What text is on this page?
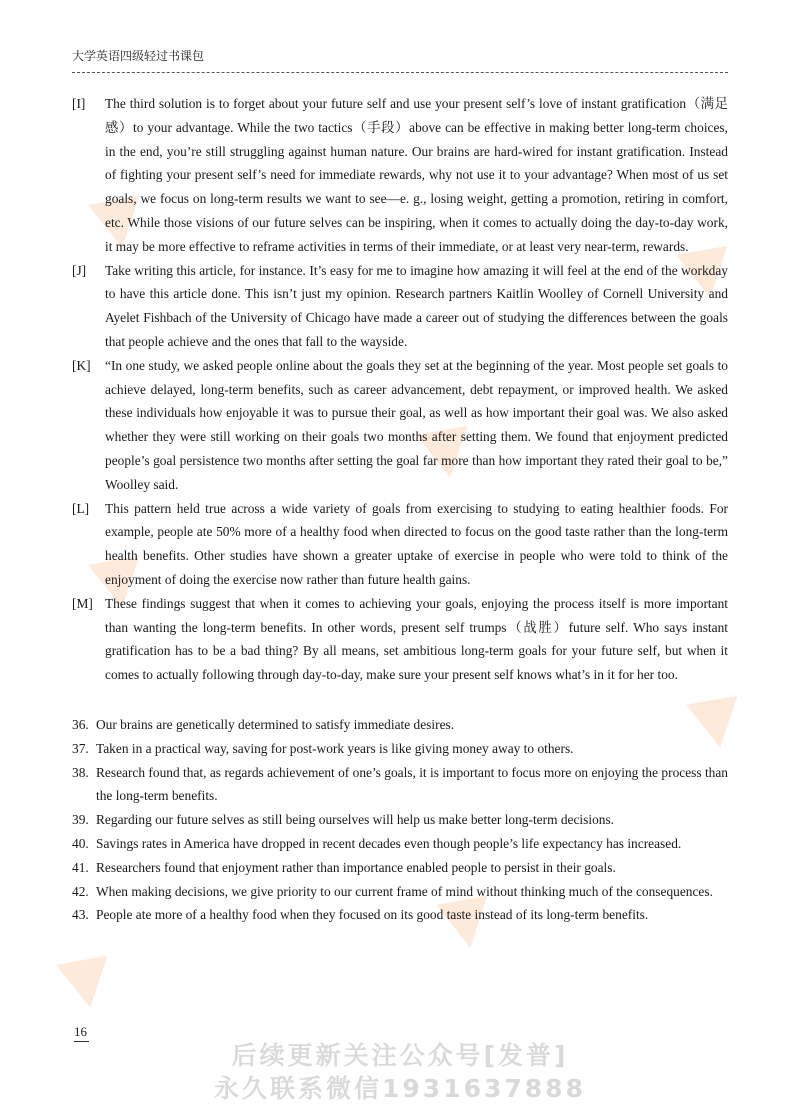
大学英语四级轻过书课包
[I] The third solution is to forget about your future self and use your present self’s love of instant gratification（满足感）to your advantage. While the two tactics（手段）above can be effective in making better long-term choices, in the end, you’re still struggling against human nature. Our brains are hard-wired for instant gratification. Instead of fighting your present self’s need for immediate rewards, why not use it to your advantage? When most of us set goals, we focus on long-term results we want to see—e. g., losing weight, getting a promotion, retiring in comfort, etc. While those visions of our future selves can be inspiring, when it comes to actually doing the day-to-day work, it may be more effective to reframe activities in terms of their immediate, or at least very near-term, rewards.

[J] Take writing this article, for instance. It’s easy for me to imagine how amazing it will feel at the end of the workday to have this article done. This isn’t just my opinion. Research partners Kaitlin Woolley of Cornell University and Ayelet Fishbach of the University of Chicago have made a career out of studying the differences between the goals that people achieve and the ones that fall to the wayside.

[K] “In one study, we asked people online about the goals they set at the beginning of the year. Most people set goals to achieve delayed, long-term benefits, such as career advancement, debt repayment, or improved health. We asked these individuals how enjoyable it was to pursue their goal, as well as how important their goal was. We also asked whether they were still working on their goals two months after setting them. We found that enjoyment predicted people’s goal persistence two months after setting the goal far more than how important they rated their goal to be,” Woolley said.

[L] This pattern held true across a wide variety of goals from exercising to studying to eating healthier foods. For example, people ate 50% more of a healthy food when directed to focus on the good taste rather than the long-term health benefits. Other studies have shown a greater uptake of exercise in people who were told to think of the enjoyment of doing the exercise now rather than future health gains.

[M] These findings suggest that when it comes to achieving your goals, enjoying the process itself is more important than wanting the long-term benefits. In other words, present self trumps（战胜）future self. Who says instant gratification has to be a bad thing? By all means, set ambitious long-term goals for your future self, but when it comes to actually following through day-to-day, make sure your present self knows what’s in it for her too.

36. Our brains are genetically determined to satisfy immediate desires.

37. Taken in a practical way, saving for post-work years is like giving money away to others.

38. Research found that, as regards achievement of one’s goals, it is important to focus more on enjoying the process than the long-term benefits.

39. Regarding our future selves as still being ourselves will help us make better long-term decisions.

40. Savings rates in America have dropped in recent decades even though people’s life expectancy has increased.

41. Researchers found that enjoyment rather than importance enabled people to persist in their goals.

42. When making decisions, we give priority to our current frame of mind without thinking much of the consequences.

43. People ate more of a healthy food when they focused on its good taste instead of its long-term benefits.

16
后续更新关注公众号[发普]
永久联系微信1931637888
